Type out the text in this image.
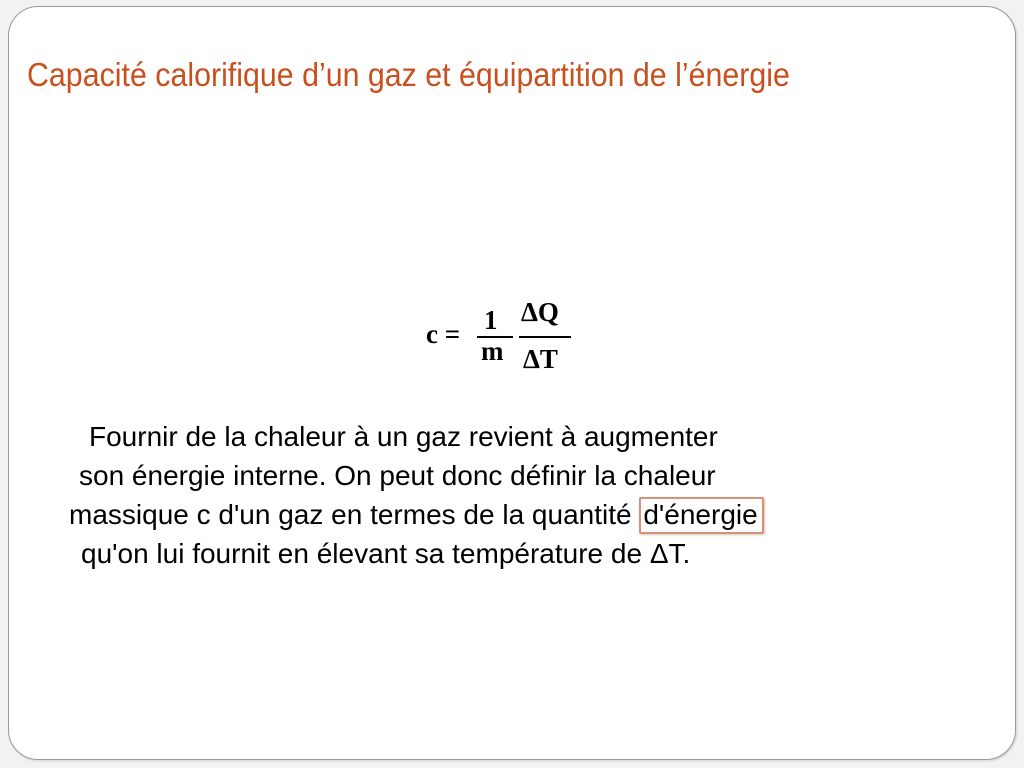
Capacité calorifique d’un gaz et équipartition de l’énergie
c = 1
m
ΔQ
ΔT
Fournir de la chaleur à un gaz revient à augmenter
son énergie interne. On peut donc définir la chaleur
massique c d'un gaz en termes de la quantité d'énergie
qu'on lui fournit en élevant sa température de ΔT.
